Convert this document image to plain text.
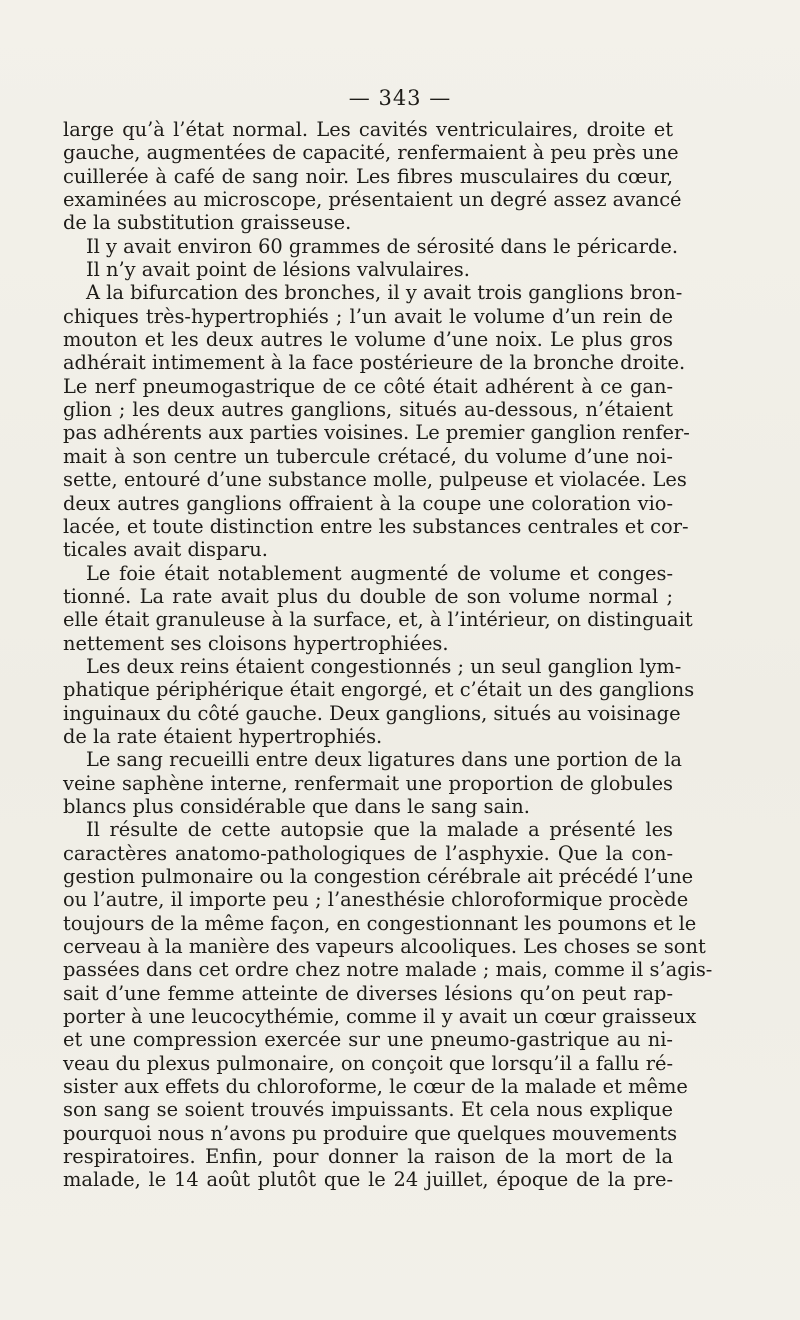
— 343 —
large qu’à l’état normal. Les cavités ventriculaires, droite et
gauche, augmentées de capacité, renfermaient à peu près une
cuillerée à café de sang noir. Les fibres musculaires du cœur,
examinées au microscope, présentaient un degré assez avancé
de la substitution graisseuse.
Il y avait environ 60 grammes de sérosité dans le péricarde.
Il n’y avait point de lésions valvulaires.
A la bifurcation des bronches, il y avait trois ganglions bron-
chiques très-hypertrophiés ; l’un avait le volume d’un rein de
mouton et les deux autres le volume d’une noix. Le plus gros
adhérait intimement à la face postérieure de la bronche droite.
Le nerf pneumogastrique de ce côté était adhérent à ce gan-
glion ; les deux autres ganglions, situés au-dessous, n’étaient
pas adhérents aux parties voisines. Le premier ganglion renfer-
mait à son centre un tubercule crétacé, du volume d’une noi-
sette, entouré d’une substance molle, pulpeuse et violacée. Les
deux autres ganglions offraient à la coupe une coloration vio-
lacée, et toute distinction entre les substances centrales et cor-
ticales avait disparu.
Le foie était notablement augmenté de volume et conges-
tionné. La rate avait plus du double de son volume normal ;
elle était granuleuse à la surface, et, à l’intérieur, on distinguait
nettement ses cloisons hypertrophiées.
Les deux reins étaient congestionnés ; un seul ganglion lym-
phatique périphérique était engorgé, et c’était un des ganglions
inguinaux du côté gauche. Deux ganglions, situés au voisinage
de la rate étaient hypertrophiés.
Le sang recueilli entre deux ligatures dans une portion de la
veine saphène interne, renfermait une proportion de globules
blancs plus considérable que dans le sang sain.
Il résulte de cette autopsie que la malade a présenté les
caractères anatomo-pathologiques de l’asphyxie. Que la con-
gestion pulmonaire ou la congestion cérébrale ait précédé l’une
ou l’autre, il importe peu ; l’anesthésie chloroformique procède
toujours de la même façon, en congestionnant les poumons et le
cerveau à la manière des vapeurs alcooliques. Les choses se sont
passées dans cet ordre chez notre malade ; mais, comme il s’agis-
sait d’une femme atteinte de diverses lésions qu’on peut rap-
porter à une leucocythémie, comme il y avait un cœur graisseux
et une compression exercée sur une pneumo-gastrique au ni-
veau du plexus pulmonaire, on conçoit que lorsqu’il a fallu ré-
sister aux effets du chloroforme, le cœur de la malade et même
son sang se soient trouvés impuissants. Et cela nous explique
pourquoi nous n’avons pu produire que quelques mouvements
respiratoires. Enfin, pour donner la raison de la mort de la
malade, le 14 août plutôt que le 24 juillet, époque de la pre-
